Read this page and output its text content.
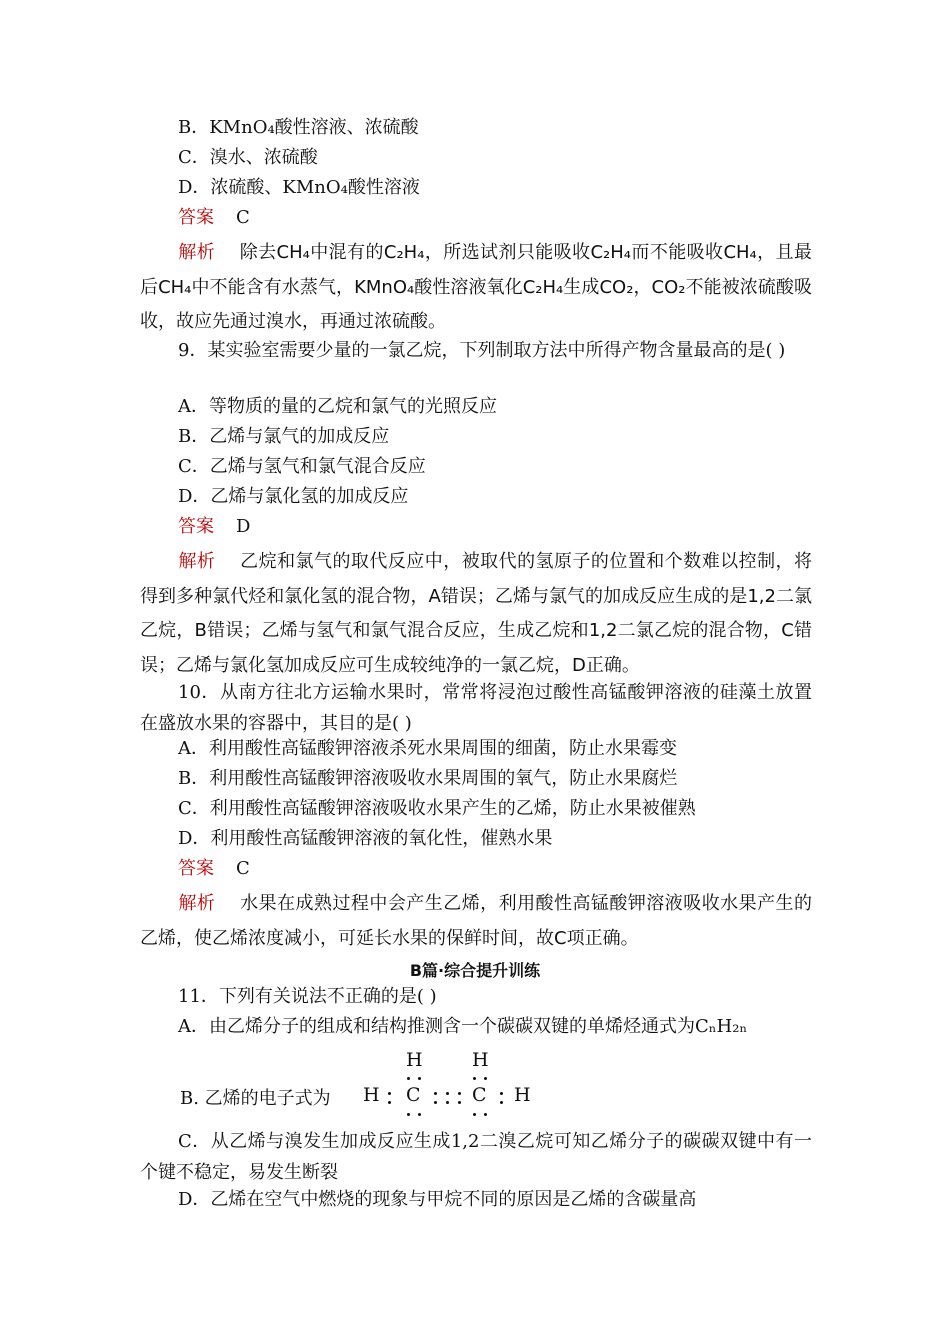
B．KMnO₄酸性溶液、浓硫酸
C．溴水、浓硫酸
D．浓硫酸、KMnO₄酸性溶液
答案 C
解析 除去CH₄中混有的C₂H₄，所选试剂只能吸收C₂H₄而不能吸收CH₄，且最后CH₄中不能含有水蒸气，KMnO₄酸性溶液氧化C₂H₄生成CO₂，CO₂不能被浓硫酸吸收，故应先通过溴水，再通过浓硫酸。
9．某实验室需要少量的一氯乙烷，下列制取方法中所得产物含量最高的是( )
A．等物质的量的乙烷和氯气的光照反应
B．乙烯与氯气的加成反应
C．乙烯与氢气和氯气混合反应
D．乙烯与氯化氢的加成反应
答案 D
解析 乙烷和氯气的取代反应中，被取代的氢原子的位置和个数难以控制，将得到多种氯代烃和氯化氢的混合物，A错误；乙烯与氯气的加成反应生成的是1,2二氯乙烷，B错误；乙烯与氢气和氯气混合反应，生成乙烷和1,2二氯乙烷的混合物，C错误；乙烯与氯化氢加成反应可生成较纯净的一氯乙烷，D正确。
10．从南方往北方运输水果时，常常将浸泡过酸性高锰酸钾溶液的硅藻土放置在盛放水果的容器中，其目的是( )
A．利用酸性高锰酸钾溶液杀死水果周围的细菌，防止水果霉变
B．利用酸性高锰酸钾溶液吸收水果周围的氧气，防止水果腐烂
C．利用酸性高锰酸钾溶液吸收水果产生的乙烯，防止水果被催熟
D．利用酸性高锰酸钾溶液的氧化性，催熟水果
答案 C
解析 水果在成熟过程中会产生乙烯，利用酸性高锰酸钾溶液吸收水果产生的乙烯，使乙烯浓度减小，可延长水果的保鲜时间，故C项正确。
B篇·综合提升训练
11．下列有关说法不正确的是( )
A．由乙烯分子的组成和结构推测含一个碳碳双键的单烯烃通式为CₙH₂ₙ
B. 乙烯的电子式为 H
H
C
H
C H
C．从乙烯与溴发生加成反应生成1,2二溴乙烷可知乙烯分子的碳碳双键中有一个键不稳定，易发生断裂
D．乙烯在空气中燃烧的现象与甲烷不同的原因是乙烯的含碳量高
